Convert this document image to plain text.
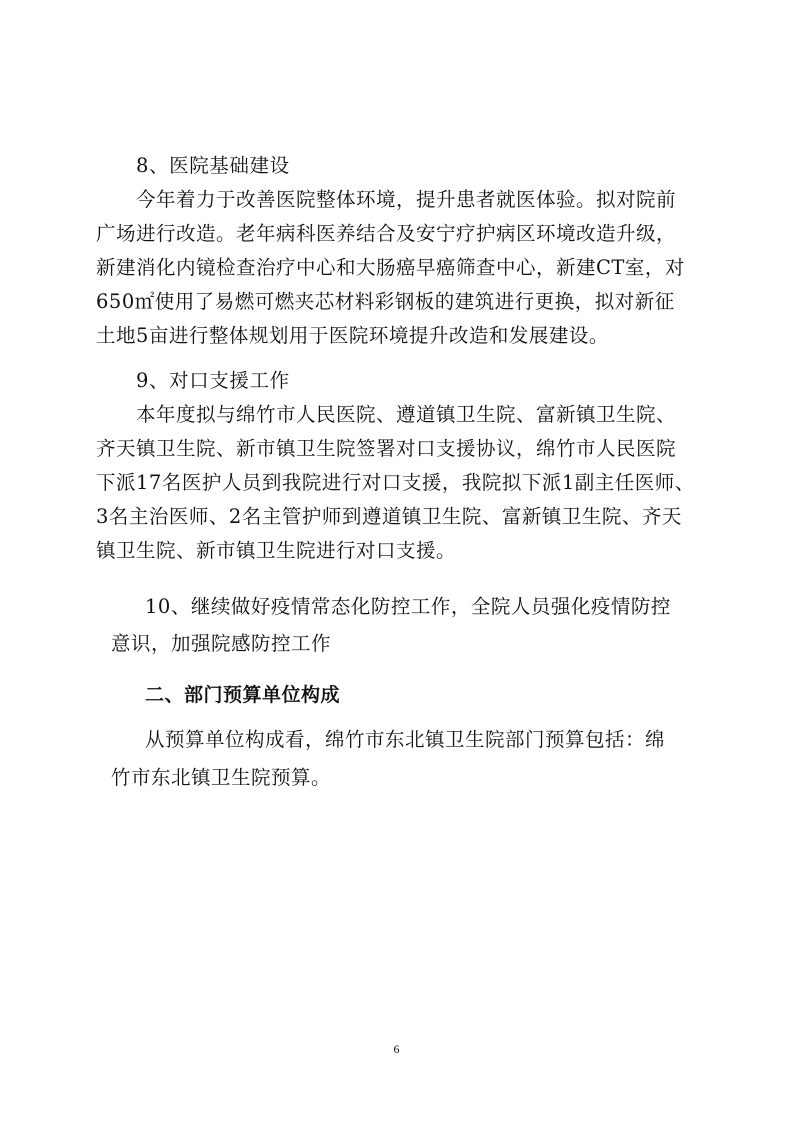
8、医院基础建设
今年着力于改善医院整体环境，提升患者就医体验。拟对院前
广场进行改造。老年病科医养结合及安宁疗护病区环境改造升级，
新建消化内镜检查治疗中心和大肠癌早癌筛查中心，新建CT室，对
650㎡使用了易燃可燃夹芯材料彩钢板的建筑进行更换，拟对新征
土地5亩进行整体规划用于医院环境提升改造和发展建设。
9、对口支援工作
本年度拟与绵竹市人民医院、遵道镇卫生院、富新镇卫生院、
齐天镇卫生院、新市镇卫生院签署对口支援协议，绵竹市人民医院
下派17名医护人员到我院进行对口支援，我院拟下派1副主任医师、
3名主治医师、2名主管护师到遵道镇卫生院、富新镇卫生院、齐天
镇卫生院、新市镇卫生院进行对口支援。
10、继续做好疫情常态化防控工作，全院人员强化疫情防控
意识，加强院感防控工作
二、部门预算单位构成
从预算单位构成看，绵竹市东北镇卫生院部门预算包括：绵
竹市东北镇卫生院预算。
6
